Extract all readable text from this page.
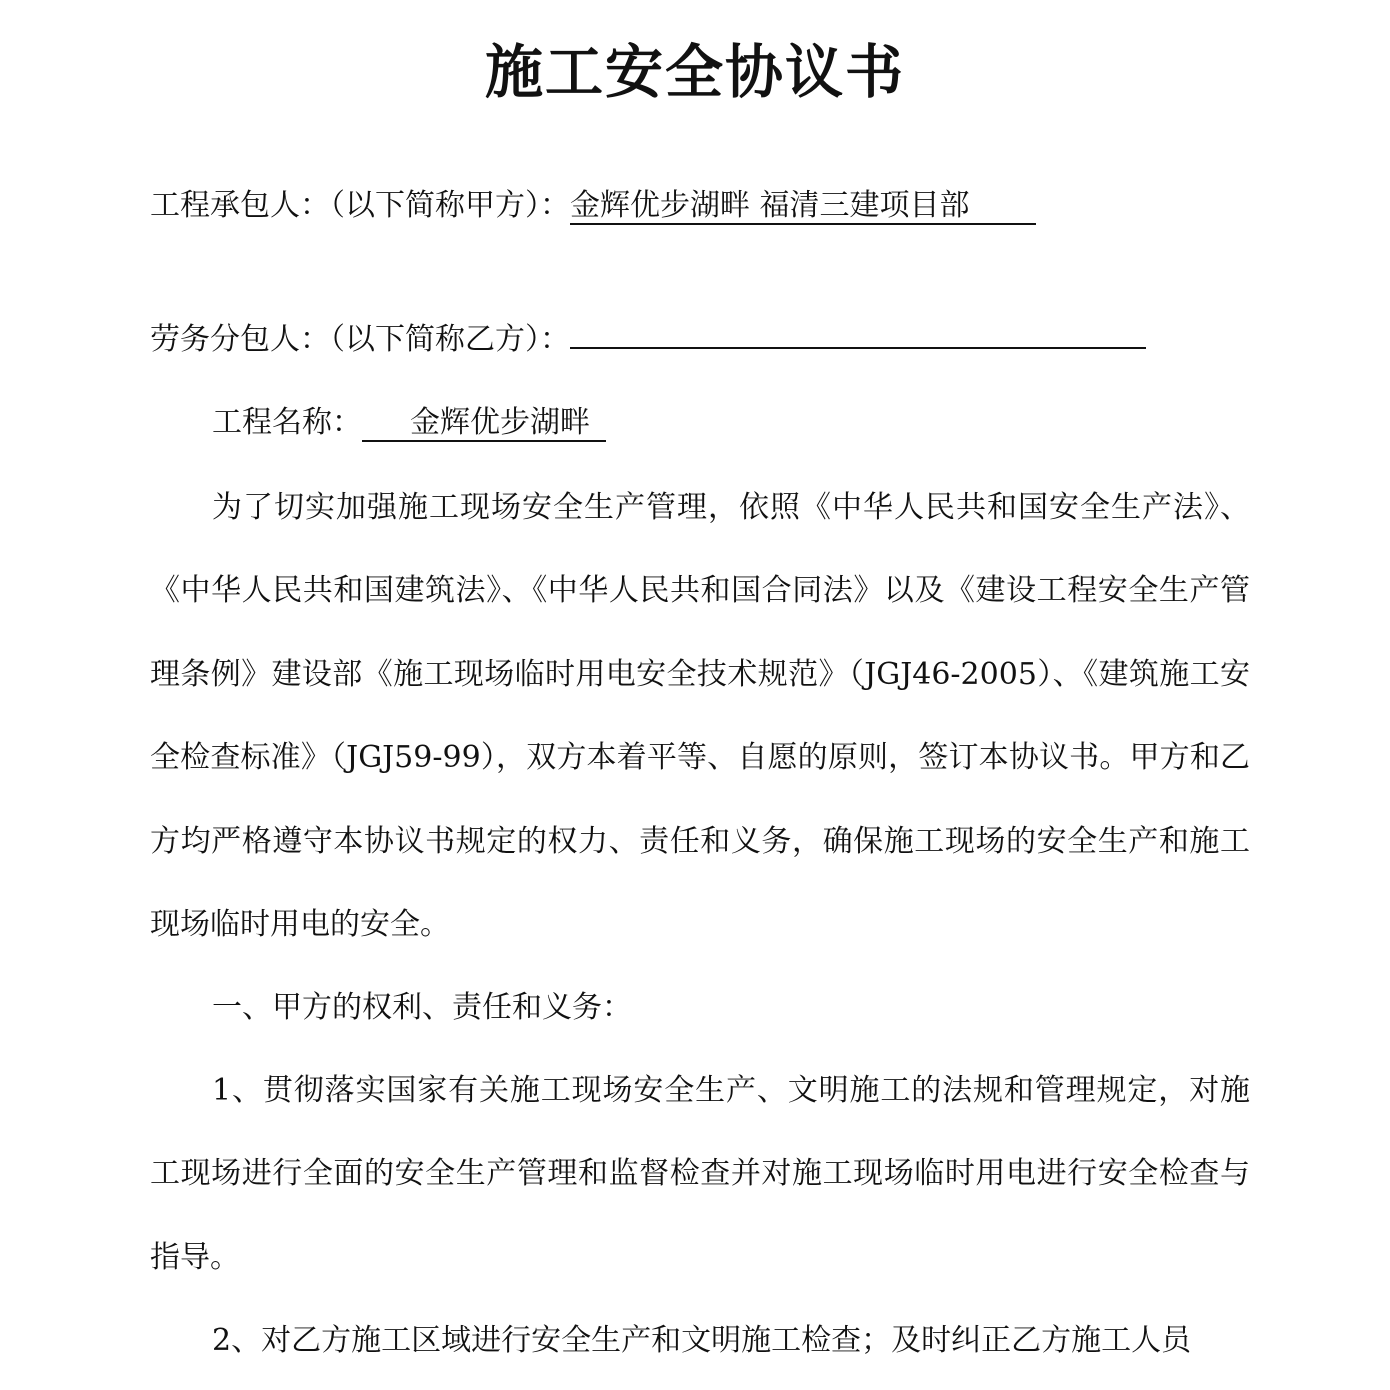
施工安全协议书
工程承包人：（以下简称甲方）：金辉优步湖畔 福清三建项目部
劳务分包人：（以下简称乙方）：
工程名称： 金辉优步湖畔

为了切实加强施工现场安全生产管理，依照《中华人民共和国安全生产法》、《中华人民共和国建筑法》、《中华人民共和国合同法》以及《建设工程安全生产管理条例》建设部《施工现场临时用电安全技术规范》（JGJ46-2005）、《建筑施工安全检查标准》（JGJ59-99），双方本着平等、自愿的原则，签订本协议书。甲方和乙方均严格遵守本协议书规定的权力、责任和义务，确保施工现场的安全生产和施工现场临时用电的安全。

一、甲方的权利、责任和义务：

1、贯彻落实国家有关施工现场安全生产、文明施工的法规和管理规定，对施工现场进行全面的安全生产管理和监督检查并对施工现场临时用电进行安全检查与指导。

2、对乙方施工区域进行安全生产和文明施工检查；及时纠正乙方施工人员
